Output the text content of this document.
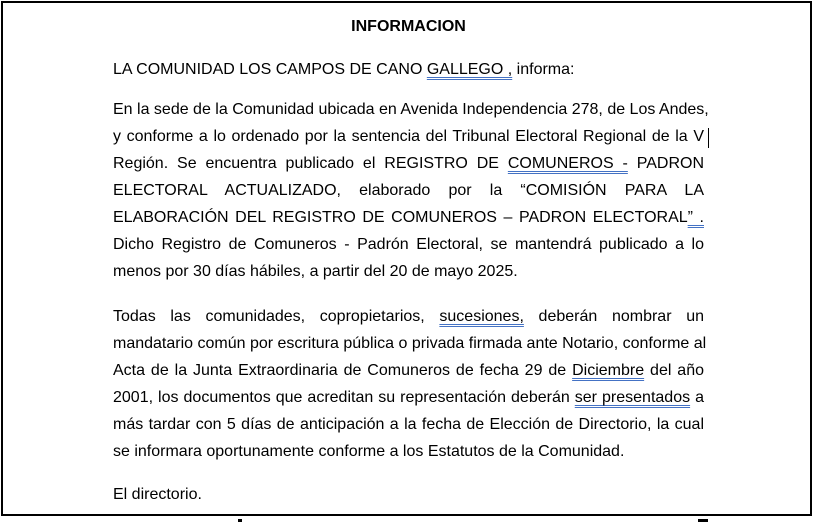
INFORMACION

LA COMUNIDAD LOS CAMPOS DE CANO GALLEGO , informa:

En la sede de la Comunidad ubicada en Avenida Independencia 278, de Los Andes,
y conforme a lo ordenado por la sentencia del Tribunal Electoral Regional de la V
Región. Se encuentra publicado el REGISTRO DE COMUNEROS - PADRON
ELECTORAL ACTUALIZADO, elaborado por la “COMISIÓN PARA LA
ELABORACIÓN DEL REGISTRO DE COMUNEROS – PADRON ELECTORAL” .
Dicho Registro de Comuneros - Padrón Electoral, se mantendrá publicado a lo
menos por 30 días hábiles, a partir del 20 de mayo 2025.

Todas las comunidades, copropietarios, sucesiones, deberán nombrar un
mandatario común por escritura pública o privada firmada ante Notario, conforme al
Acta de la Junta Extraordinaria de Comuneros de fecha 29 de Diciembre del año
2001, los documentos que acreditan su representación deberán ser presentados a
más tardar con 5 días de anticipación a la fecha de Elección de Directorio, la cual
se informara oportunamente conforme a los Estatutos de la Comunidad.

El directorio.
